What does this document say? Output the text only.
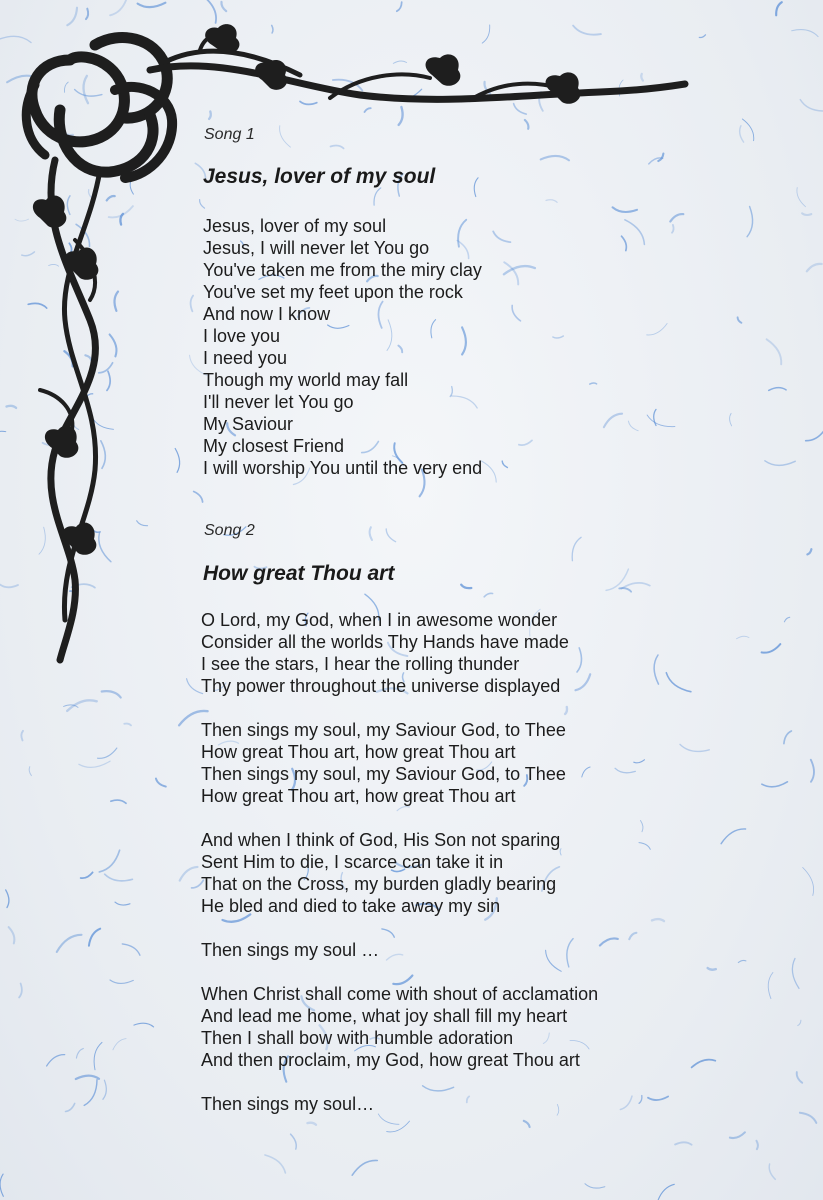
Song 1
Jesus, lover of my soul
Jesus, lover of my soul
Jesus, I will never let You go
You've taken me from the miry clay
You've set my feet upon the rock
And now I know
I love you
I need you
Though my world may fall
I'll never let You go
My Saviour
My closest Friend
I will worship You until the very end
Song 2
How great Thou art
O Lord, my God, when I in awesome wonder
Consider all the worlds Thy Hands have made
I see the stars, I hear the rolling thunder
Thy power throughout the universe displayed
Then sings my soul, my Saviour God, to Thee
How great Thou art, how great Thou art
Then sings my soul, my Saviour God, to Thee
How great Thou art, how great Thou art
And when I think of God, His Son not sparing
Sent Him to die, I scarce can take it in
That on the Cross, my burden gladly bearing
He bled and died to take away my sin
Then sings my soul …
When Christ shall come with shout of acclamation
And lead me home, what joy shall fill my heart
Then I shall bow with humble adoration
And then proclaim, my God, how great Thou art
Then sings my soul…
